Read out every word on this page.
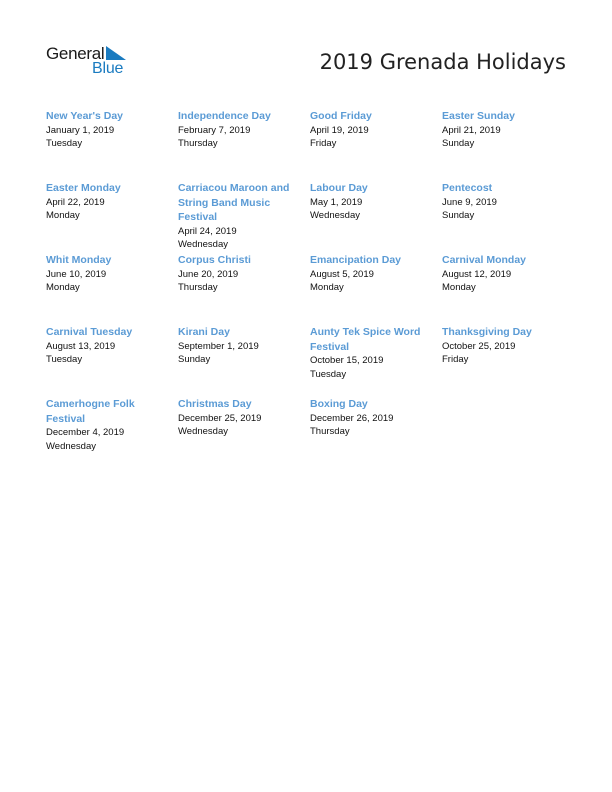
General
Blue	2019 Grenada Holidays
New Year's Day
January 1, 2019
Tuesday
Independence Day
February 7, 2019
Thursday
Good Friday
April 19, 2019
Friday
Easter Sunday
April 21, 2019
Sunday
Easter Monday
April 22, 2019
Monday
Carriacou Maroon and String Band Music Festival
April 24, 2019
Wednesday
Labour Day
May 1, 2019
Wednesday
Pentecost
June 9, 2019
Sunday
Whit Monday
June 10, 2019
Monday
Corpus Christi
June 20, 2019
Thursday
Emancipation Day
August 5, 2019
Monday
Carnival Monday
August 12, 2019
Monday
Carnival Tuesday
August 13, 2019
Tuesday
Kirani Day
September 1, 2019
Sunday
Aunty Tek Spice Word Festival
October 15, 2019
Tuesday
Thanksgiving Day
October 25, 2019
Friday
Camerhogne Folk Festival
December 4, 2019
Wednesday
Christmas Day
December 25, 2019
Wednesday
Boxing Day
December 26, 2019
Thursday
